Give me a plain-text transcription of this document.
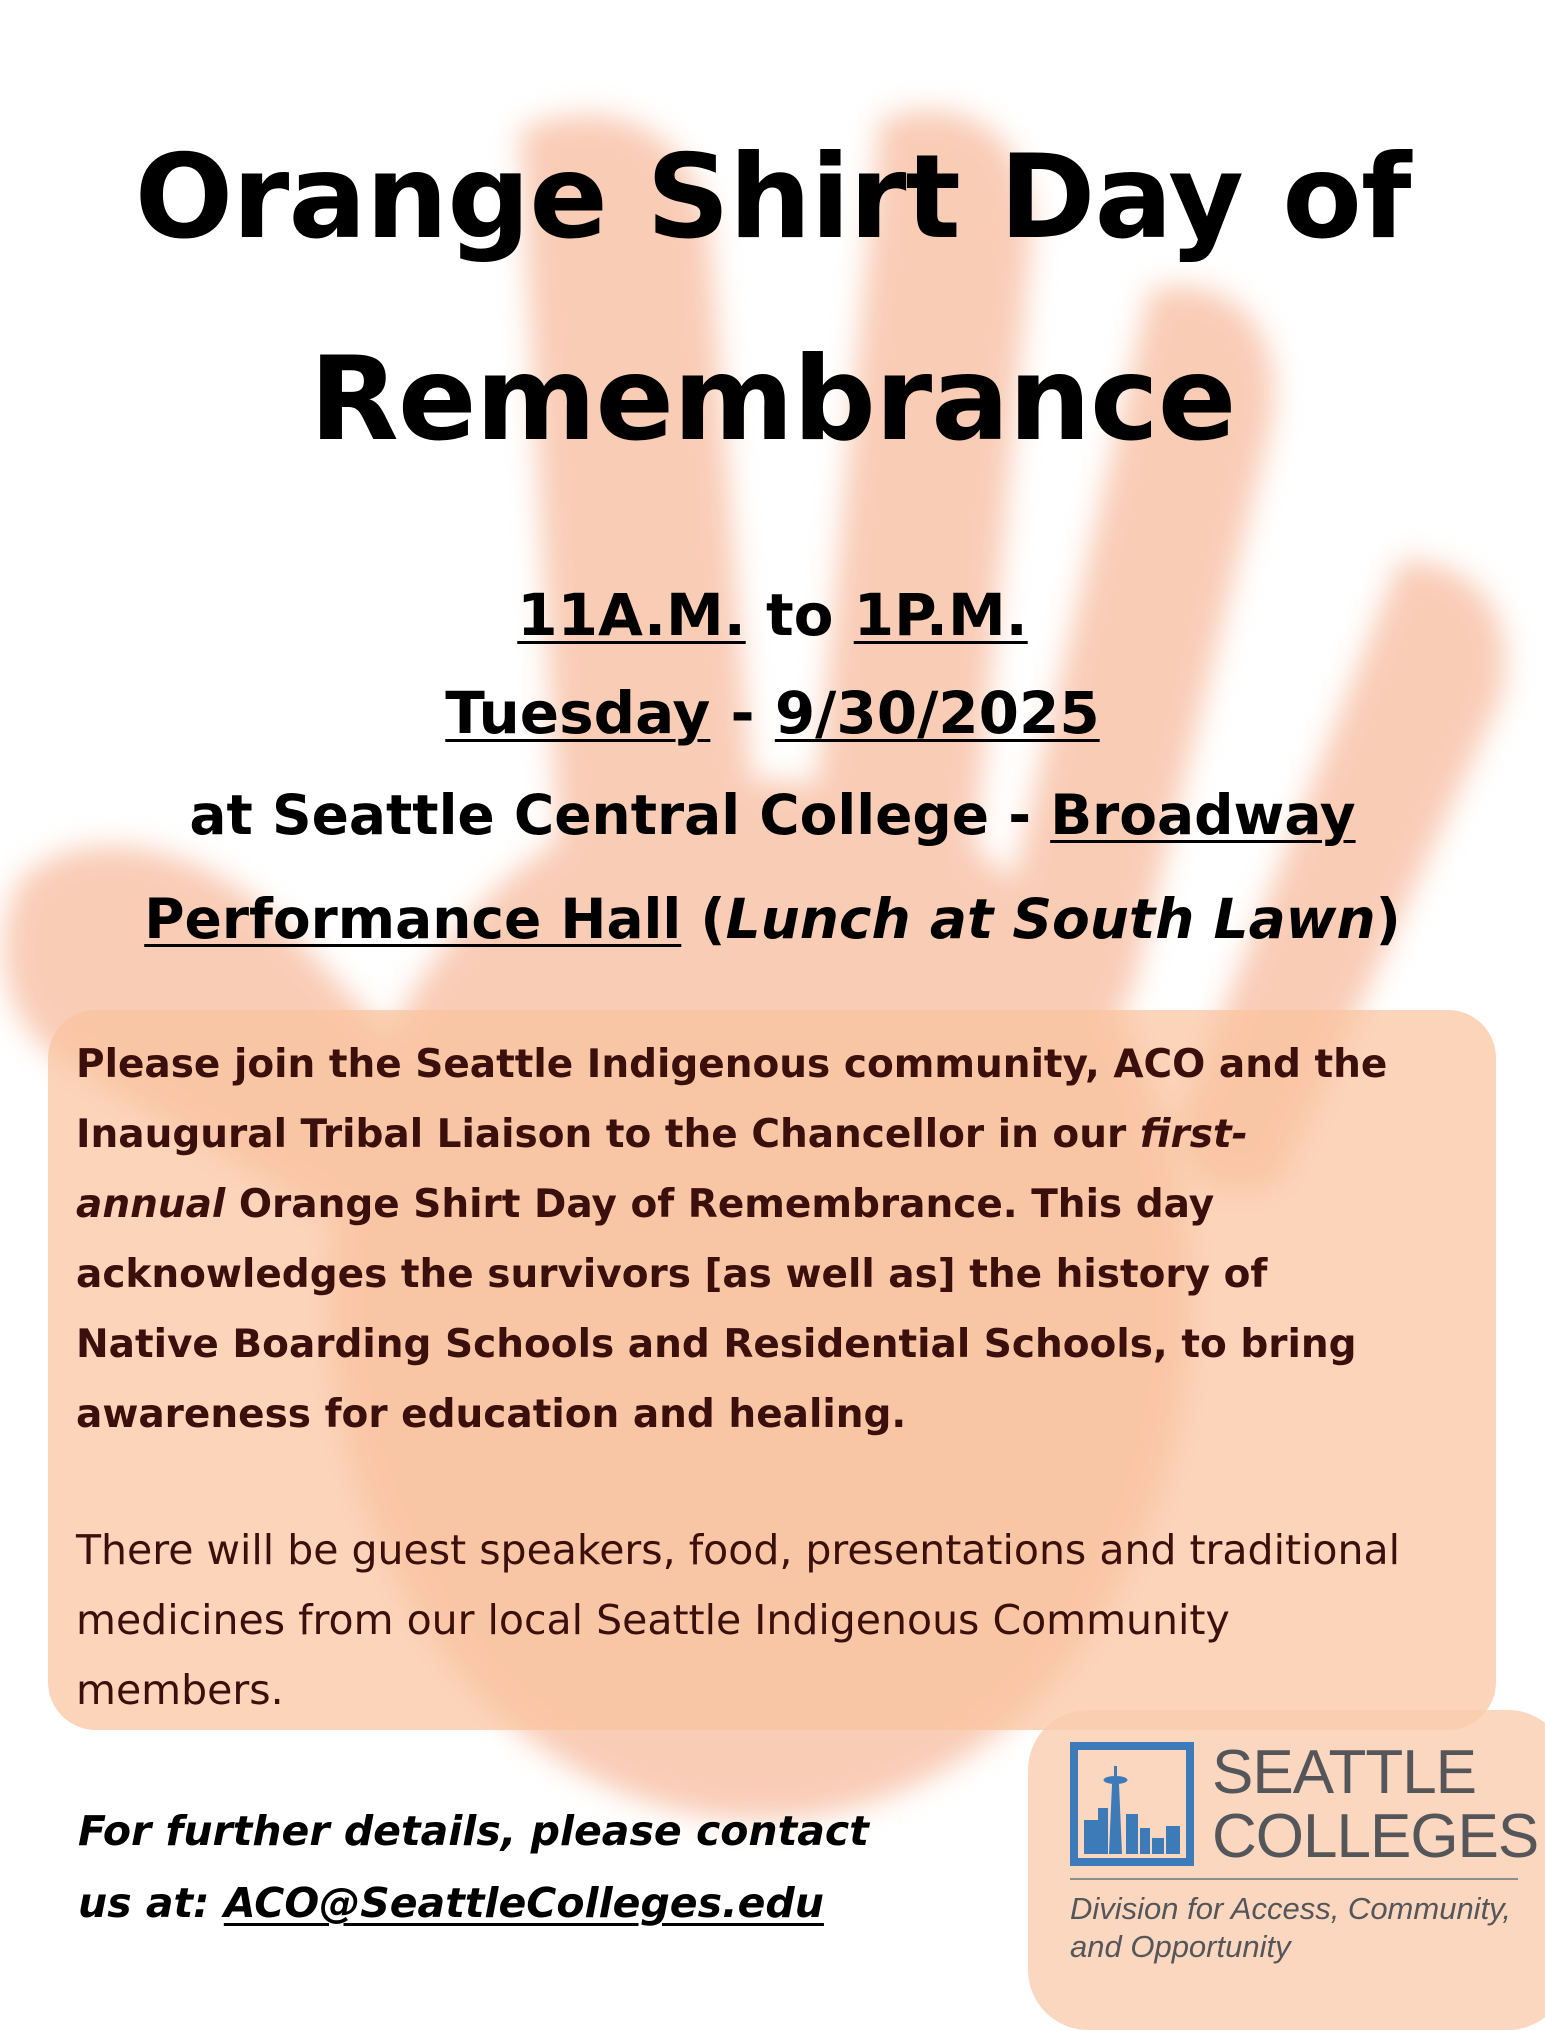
Orange Shirt Day of
Remembrance
11A.M. to 1P.M.
Tuesday - 9/30/2025
at Seattle Central College - Broadway
Performance Hall (Lunch at South Lawn)
Please join the Seattle Indigenous community, ACO and the
Inaugural Tribal Liaison to the Chancellor in our first-
annual Orange Shirt Day of Remembrance. This day
acknowledges the survivors [as well as] the history of
Native Boarding Schools and Residential Schools, to bring
awareness for education and healing.
There will be guest speakers, food, presentations and traditional
medicines from our local Seattle Indigenous Community
members.
For further details, please contact
us at: ACO@SeattleColleges.edu
SEATTLE
COLLEGES
Division for Access, Community,
and Opportunity
